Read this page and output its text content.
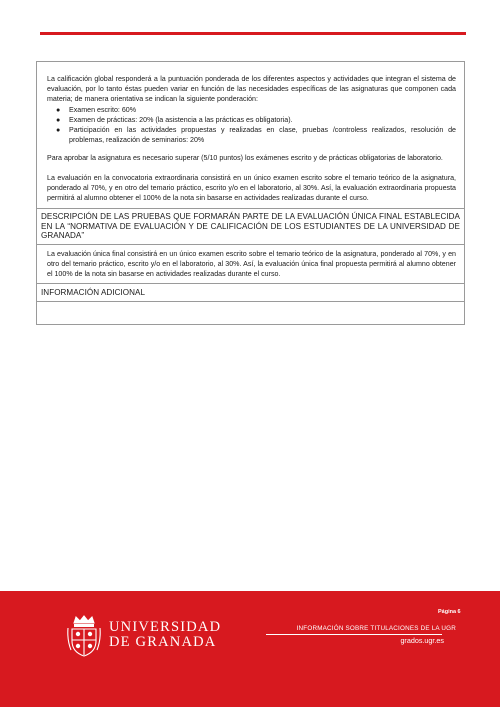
La calificación global responderá a la puntuación ponderada de los diferentes aspectos y actividades que integran el sistema de evaluación, por lo tanto éstas pueden variar en función de las necesidades específicas de las asignaturas que componen cada materia; de manera orientativa se indican la siguiente ponderación:

● Examen escrito: 60%
● Examen de prácticas: 20% (la asistencia a las prácticas es obligatoria).
● Participación en las actividades propuestas y realizadas en clase, pruebas /controless realizados, resolución de problemas, realización de seminarios: 20%

Para aprobar la asignatura es necesario superar (5/10 puntos) los exámenes escrito y de prácticas obligatorias de laboratorio.

La evaluación en la convocatoria extraordinaria consistirá en un único examen escrito sobre el temario teórico de la asignatura, ponderado al 70%, y en otro del temario práctico, escrito y/o en el laboratorio, al 30%. Así, la evaluación extraordinaria propuesta permitirá al alumno obtener el 100% de la nota sin basarse en actividades realizadas durante el curso.

DESCRIPCIÓN DE LAS PRUEBAS QUE FORMARÁN PARTE DE LA EVALUACIÓN ÚNICA FINAL ESTABLECIDA EN LA “NORMATIVA DE EVALUACIÓN Y DE CALIFICACIÓN DE LOS ESTUDIANTES DE LA UNIVERSIDAD DE GRANADA”

La evaluación única final consistirá en un único examen escrito sobre el temario teórico de la asignatura, ponderado al 70%, y en otro del temario práctico, escrito y/o en el laboratorio, al 30%. Así, la evaluación única final propuesta permitirá al alumno obtener el 100% de la nota sin basarse en actividades realizadas durante el curso.

INFORMACIÓN ADICIONAL

UNIVERSIDAD
DE GRANADA

Página 6
INFORMACIÓN SOBRE TITULACIONES DE LA UGR
grados.ugr.es
